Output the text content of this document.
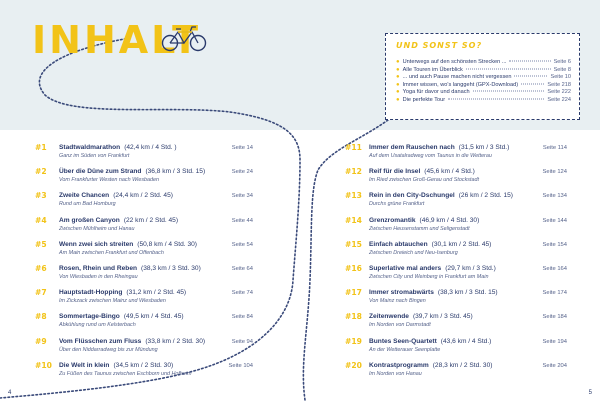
INHALT	UND SONST SO?
● Unterwegs auf den schönsten Strecken ...	Seite 6
● Alle Touren im Überblick	Seite 8
● ... und auch Pause machen nicht vergessen	Seite 10
● Immer wissen, wo's langgeht (GPX-Download)	Seite 218
● Yoga für davor und danach	Seite 222
● Die perfekte Tour	Seite 224
#1 Stadtwaldmarathon (42,4 km / 4 Std. )	Seite 14
Ganz im Süden von Frankfurt
#2 Über die Düne zum Strand (36,8 km / 3 Std. 15)	Seite 24
Vom Frankfurter Westen nach Wiesbaden
#3 Zweite Chancen (24,4 km / 2 Std. 45)	Seite 34
Rund um Bad Homburg
#4 Am großen Canyon (22 km / 2 Std. 45)	Seite 44
Zwischen Mühlheim und Hanau
#5 Wenn zwei sich streiten (50,8 km / 4 Std. 30)	Seite 54
Am Main zwischen Frankfurt und Offenbach
#6 Rosen, Rhein und Reben (38,3 km / 3 Std. 30)	Seite 64
Von Wiesbaden in den Rheingau
#7 Hauptstadt-Hopping (31,2 km / 2 Std. 45)	Seite 74
Im Zickzack zwischen Mainz und Wiesbaden
#8 Sommertage-Bingo (49,5 km / 4 Std. 45)	Seite 84
Abkühlung rund um Kelsterbach
#9 Vom Flüsschen zum Fluss (33,8 km / 2 Std. 30)	Seite 94
Über den Niddarradweg bis zur Mündung
#10 Die Welt in klein (34,5 km / 2 Std. 30)	Seite 104
Zu Füßen des Taunus zwischen Eschborn und Hofheim
#11 Immer dem Rauschen nach (31,5 km / 3 Std.)	Seite 114
Auf dem Usatalradweg vom Taunus in die Wetterau
#12 Reif für die Insel (45,6 km / 4 Std.)	Seite 124
Im Ried zwischen Groß-Gerau und Stockstadt
#13 Rein in den City-Dschungel (26 km / 2 Std. 15)	Seite 134
Durchs grüne Frankfurt
#14 Grenzromantik (46,9 km / 4 Std. 30)	Seite 144
Zwischen Heusenstamm und Seligenstadt
#15 Einfach abtauchen (30,1 km / 2 Std. 45)	Seite 154
Zwischen Dreieich und Neu-Isenburg
#16 Superlative mal anders (29,7 km / 3 Std.)	Seite 164
Zwischen City und Weinberg in Frankfurt am Main
#17 Immer stromabwärts (38,3 km / 3 Std. 15)	Seite 174
Von Mainz nach Bingen
#18 Zeitenwende (39,7 km / 3 Std. 45)	Seite 184
Im Norden von Darmstadt
#19 Buntes Seen-Quartett (43,6 km / 4 Std.)	Seite 194
An der Wetterauer Seenplatte
#20 Kontrastprogramm (28,3 km / 2 Std. 30)	Seite 204
Im Norden von Hanau
4	5
